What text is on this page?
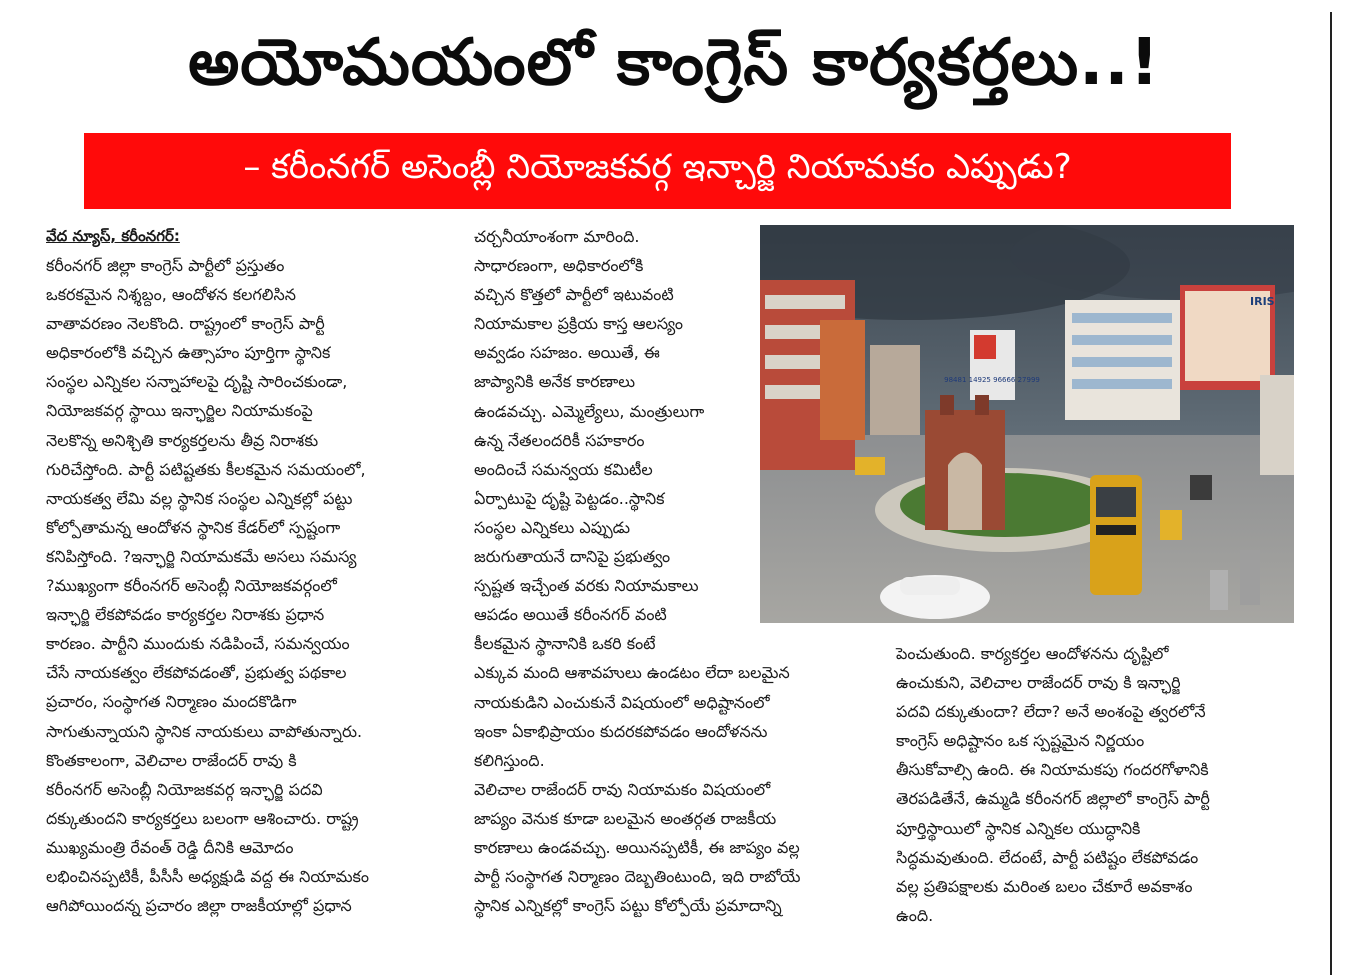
అయోమయంలో కాంగ్రెస్ కార్యకర్తలు..!
– కరీంనగర్ అసెంబ్లీ నియోజకవర్గ ఇన్చార్జి నియామకం ఎప్పుడు?
వేద న్యూస్, కరీంనగర్:
కరీంనగర్ జిల్లా కాంగ్రెస్ పార్టీలో ప్రస్తుతం
ఒకరకమైన నిశ్శబ్దం, ఆందోళన కలగలిసిన
వాతావరణం నెలకొంది. రాష్ట్రంలో కాంగ్రెస్ పార్టీ
అధికారంలోకి వచ్చిన ఉత్సాహం పూర్తిగా స్థానిక
సంస్థల ఎన్నికల సన్నాహాలపై దృష్టి సారించకుండా,
నియోజకవర్గ స్థాయి ఇన్ఛార్జిల నియామకంపై
నెలకొన్న అనిశ్చితి కార్యకర్తలను తీవ్ర నిరాశకు
గురిచేస్తోంది. పార్టీ పటిష్టతకు కీలకమైన సమయంలో,
నాయకత్వ లేమి వల్ల స్థానిక సంస్థల ఎన్నికల్లో పట్టు
కోల్పోతామన్న ఆందోళన స్థానిక కేడర్‌లో స్పష్టంగా
కనిపిస్తోంది. ?ఇన్ఛార్జి నియామకమే అసలు సమస్య
?ముఖ్యంగా కరీంనగర్ అసెంబ్లీ నియోజకవర్గంలో
ఇన్ఛార్జి లేకపోవడం కార్యకర్తల నిరాశకు ప్రధాన
కారణం. పార్టీని ముందుకు నడిపించే, సమన్వయం
చేసే నాయకత్వం లేకపోవడంతో, ప్రభుత్వ పథకాల
ప్రచారం, సంస్థాగత నిర్మాణం మందకొడిగా
సాగుతున్నాయని స్థానిక నాయకులు వాపోతున్నారు.
కొంతకాలంగా, వెలిచాల రాజేందర్ రావు కి
కరీంనగర్ అసెంబ్లీ నియోజకవర్గ ఇన్ఛార్జి పదవి
దక్కుతుందని కార్యకర్తలు బలంగా ఆశించారు. రాష్ట్ర
ముఖ్యమంత్రి రేవంత్ రెడ్డి దీనికి ఆమోదం
లభించినప్పటికీ, పీసీసీ అధ్యక్షుడి వద్ద ఈ నియామకం
ఆగిపోయిందన్న ప్రచారం జిల్లా రాజకీయాల్లో ప్రధాన
చర్చనీయాంశంగా మారింది.
సాధారణంగా, అధికారంలోకి
వచ్చిన కొత్తలో పార్టీలో ఇటువంటి
నియామకాల ప్రక్రియ కాస్త ఆలస్యం
అవ్వడం సహజం. అయితే, ఈ
జాప్యానికి అనేక కారణాలు
ఉండవచ్చు. ఎమ్మెల్యేలు, మంత్రులుగా
ఉన్న నేతలందరికీ సహకారం
అందించే సమన్వయ కమిటీల
ఏర్పాటుపై దృష్టి పెట్టడం..స్థానిక
సంస్థల ఎన్నికలు ఎప్పుడు
జరుగుతాయనే దానిపై ప్రభుత్వం
స్పష్టత ఇచ్చేంత వరకు నియామకాలు
ఆపడం అయితే కరీంనగర్ వంటి
కీలకమైన స్థానానికి ఒకరి కంటే
ఎక్కువ మంది ఆశావహులు ఉండటం లేదా బలమైన
నాయకుడిని ఎంచుకునే విషయంలో అధిష్టానంలో
ఇంకా ఏకాభిప్రాయం కుదరకపోవడం ఆందోళనను
కలిగిస్తుంది.
వెలిచాల రాజేందర్ రావు నియామకం విషయంలో
జాప్యం వెనుక కూడా బలమైన అంతర్గత రాజకీయ
కారణాలు ఉండవచ్చు. అయినప్పటికీ, ఈ జాప్యం వల్ల
పార్టీ సంస్థాగత నిర్మాణం దెబ్బతింటుంది, ఇది రాబోయే
స్థానిక ఎన్నికల్లో కాంగ్రెస్ పట్టు కోల్పోయే ప్రమాదాన్ని
పెంచుతుంది. కార్యకర్తల ఆందోళనను దృష్టిలో
ఉంచుకుని, వెలిచాల రాజేందర్ రావు కి ఇన్ఛార్జి
పదవి దక్కుతుందా? లేదా? అనే అంశంపై త్వరలోనే
కాంగ్రెస్ అధిష్టానం ఒక స్పష్టమైన నిర్ణయం
తీసుకోవాల్సి ఉంది. ఈ నియామకపు గందరగోళానికి
తెరపడితేనే, ఉమ్మడి కరీంనగర్ జిల్లాలో కాంగ్రెస్ పార్టీ
పూర్తిస్థాయిలో స్థానిక ఎన్నికల యుద్ధానికి
సిద్ధమవుతుంది. లేదంటే, పార్టీ పటిష్టం లేకపోవడం
వల్ల ప్రతిపక్షాలకు మరింత బలం చేకూరే అవకాశం
ఉంది.
98481 14925 96666 27999
IRIS
